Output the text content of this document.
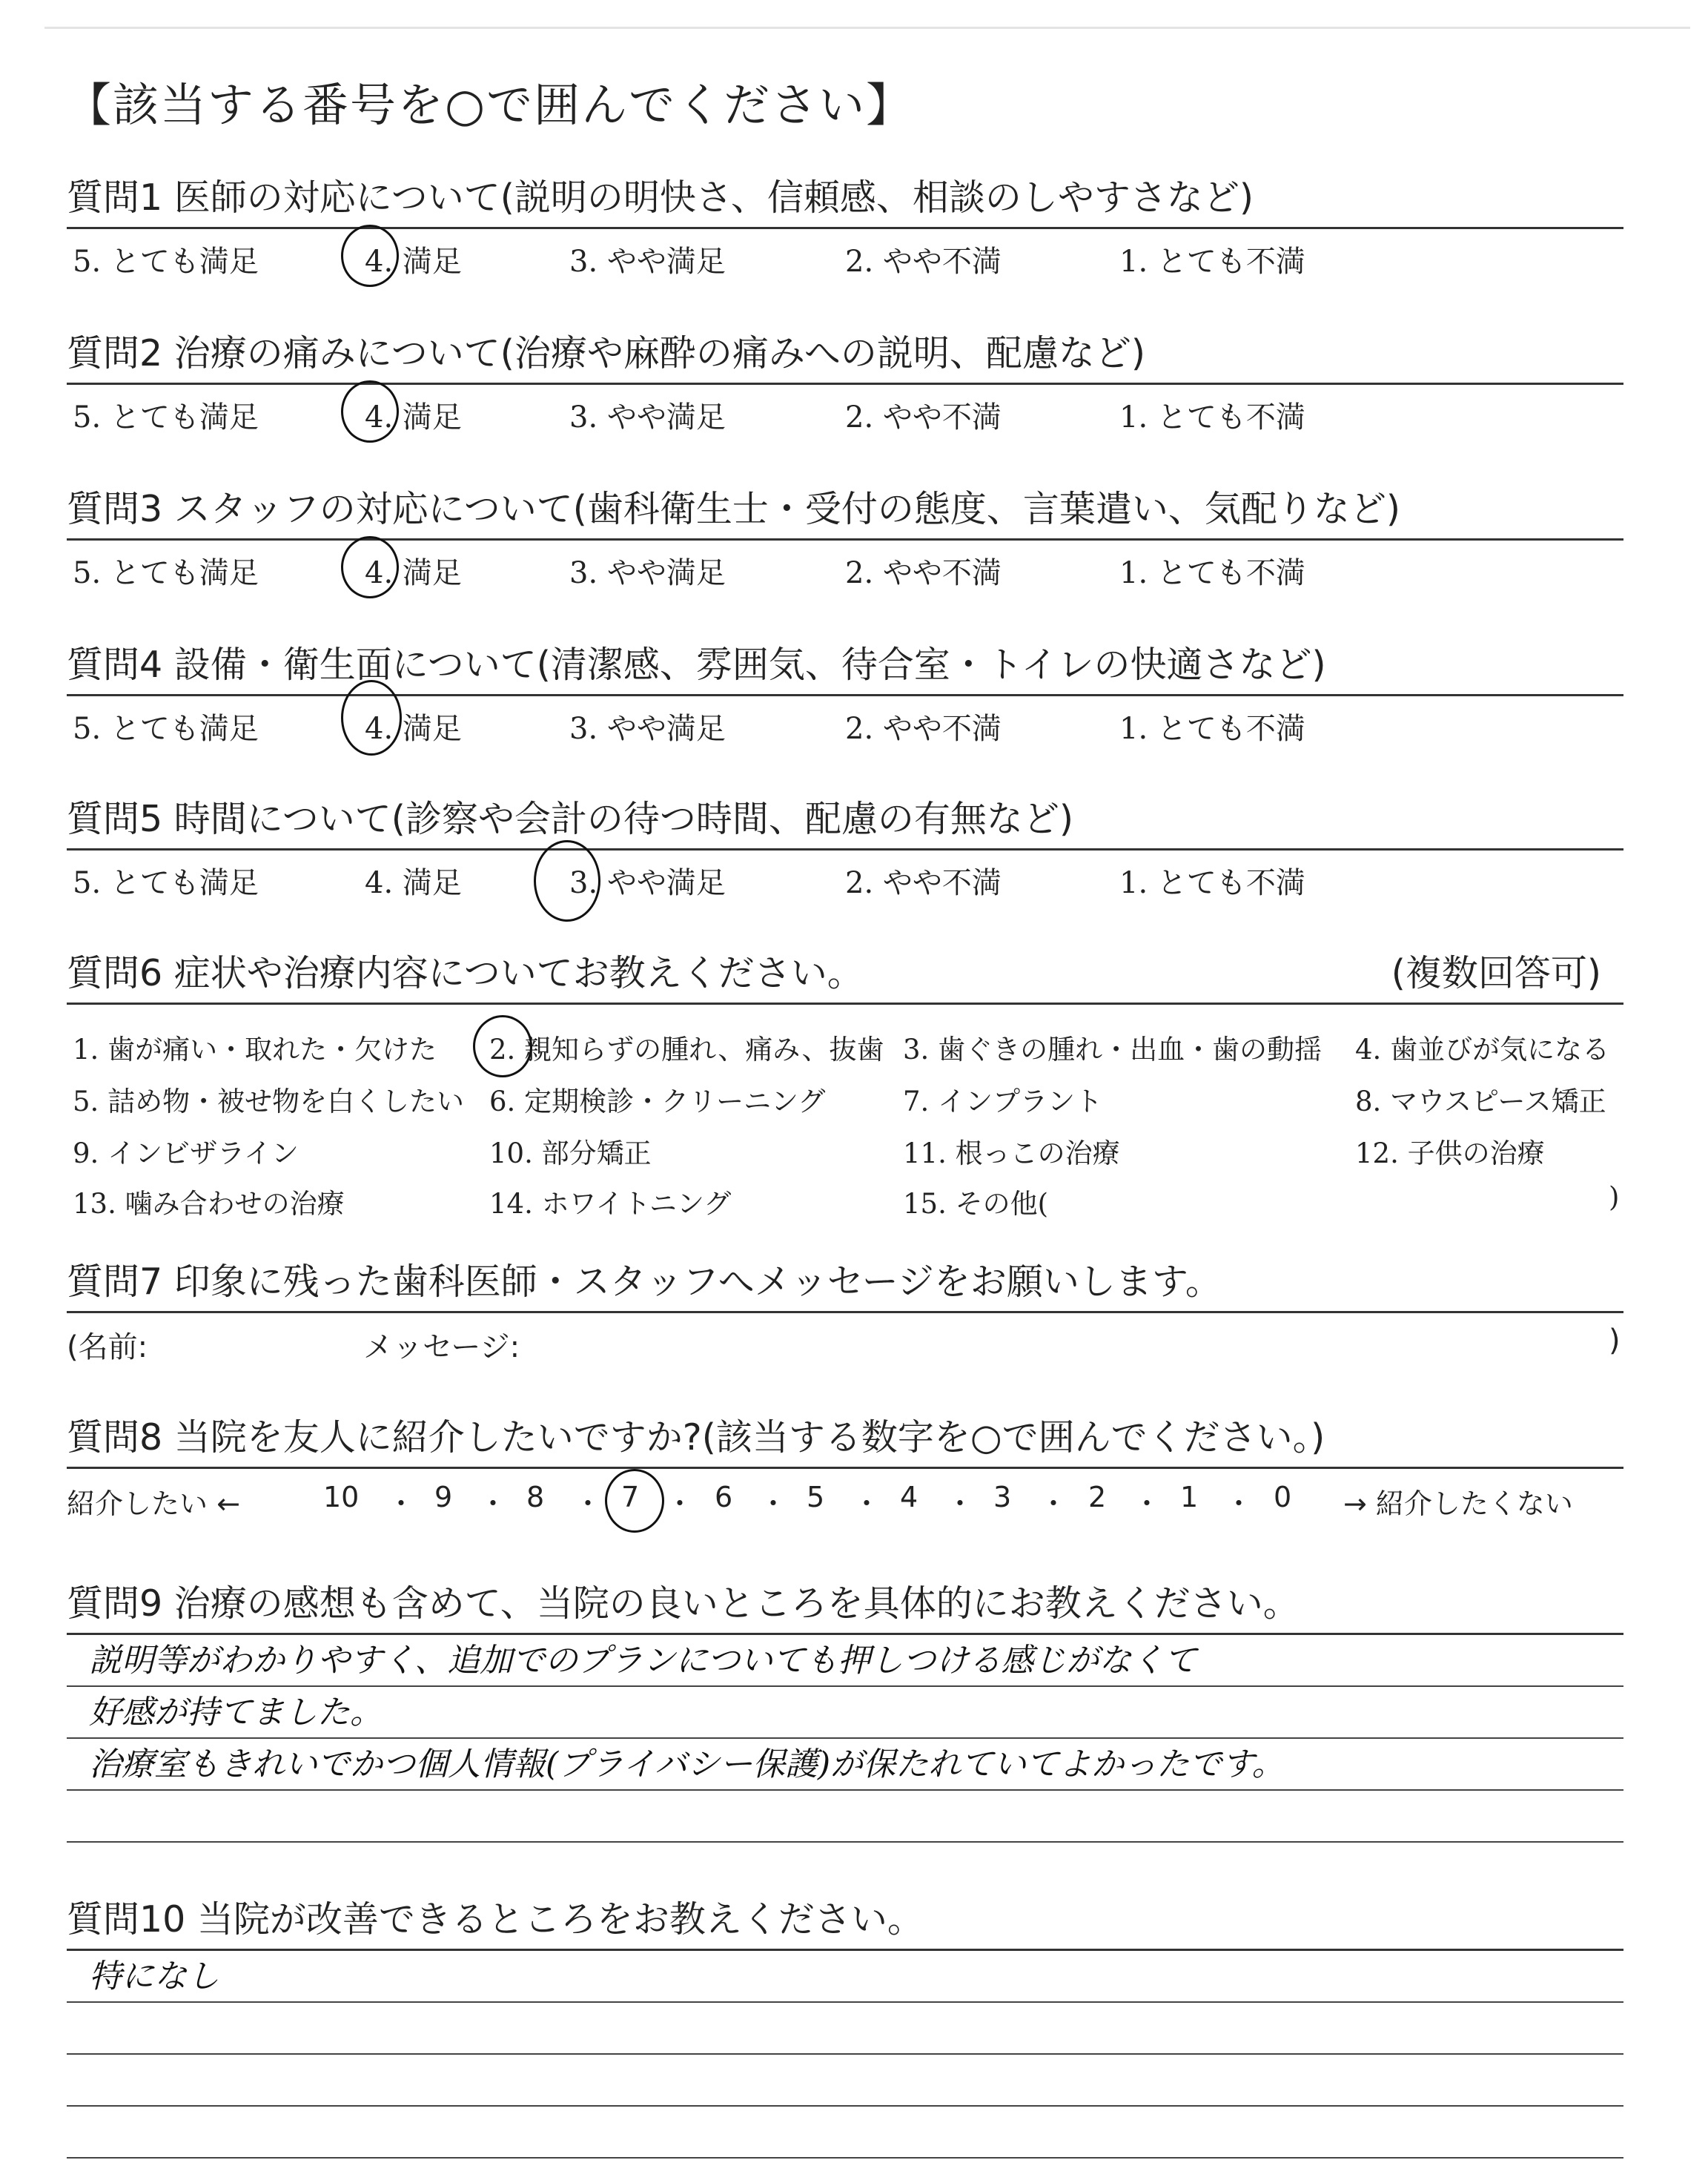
【該当する番号を○で囲んでください】
質問1 医師の対応について(説明の明快さ、信頼感、相談のしやすさなど)
5. とても満足	4. 満足	3. やや満足	2. やや不満	1. とても不満
質問2 治療の痛みについて(治療や麻酔の痛みへの説明、配慮など)
5. とても満足	4. 満足	3. やや満足	2. やや不満	1. とても不満
質問3 スタッフの対応について(歯科衛生士・受付の態度、言葉遣い、気配りなど)
5. とても満足	4. 満足	3. やや満足	2. やや不満	1. とても不満
質問4 設備・衛生面について(清潔感、雰囲気、待合室・トイレの快適さなど)
5. とても満足	4. 満足	3. やや満足	2. やや不満	1. とても不満
質問5 時間について(診察や会計の待つ時間、配慮の有無など)
5. とても満足	4. 満足	3. やや満足	2. やや不満	1. とても不満
質問6 症状や治療内容についてお教えください。	(複数回答可)
1. 歯が痛い・取れた・欠けた 2. 親知らずの腫れ、痛み、抜歯 3. 歯ぐきの腫れ・出血・歯の動揺 4. 歯並びが気になる
5. 詰め物・被せ物を白くしたい 6. 定期検診・クリーニング	7. インプラント	8. マウスピース矯正
9. インビザライン	10. 部分矯正	11. 根っこの治療	12. 子供の治療
13. 噛み合わせの治療	14. ホワイトニング	15. その他(	)
質問7 印象に残った歯科医師・スタッフへメッセージをお願いします。
(名前:	メッセージ:	)
質問8 当院を友人に紹介したいですか?(該当する数字を○で囲んでください。)
紹介したい ←	10 ・ 9 ・ 8 ・ 7 ・ 6 ・ 5 ・ 4 ・ 3 ・ 2 ・ 1 ・ 0 → 紹介したくない
質問9 治療の感想も含めて、当院の良いところを具体的にお教えください。
説明等がわかりやすく、追加でのプランについても押しつける感じがなくて
好感が持てました。
治療室もきれいでかつ個人情報(プライバシー保護)が保たれていてよかったです。
質問10 当院が改善できるところをお教えください。
特になし
